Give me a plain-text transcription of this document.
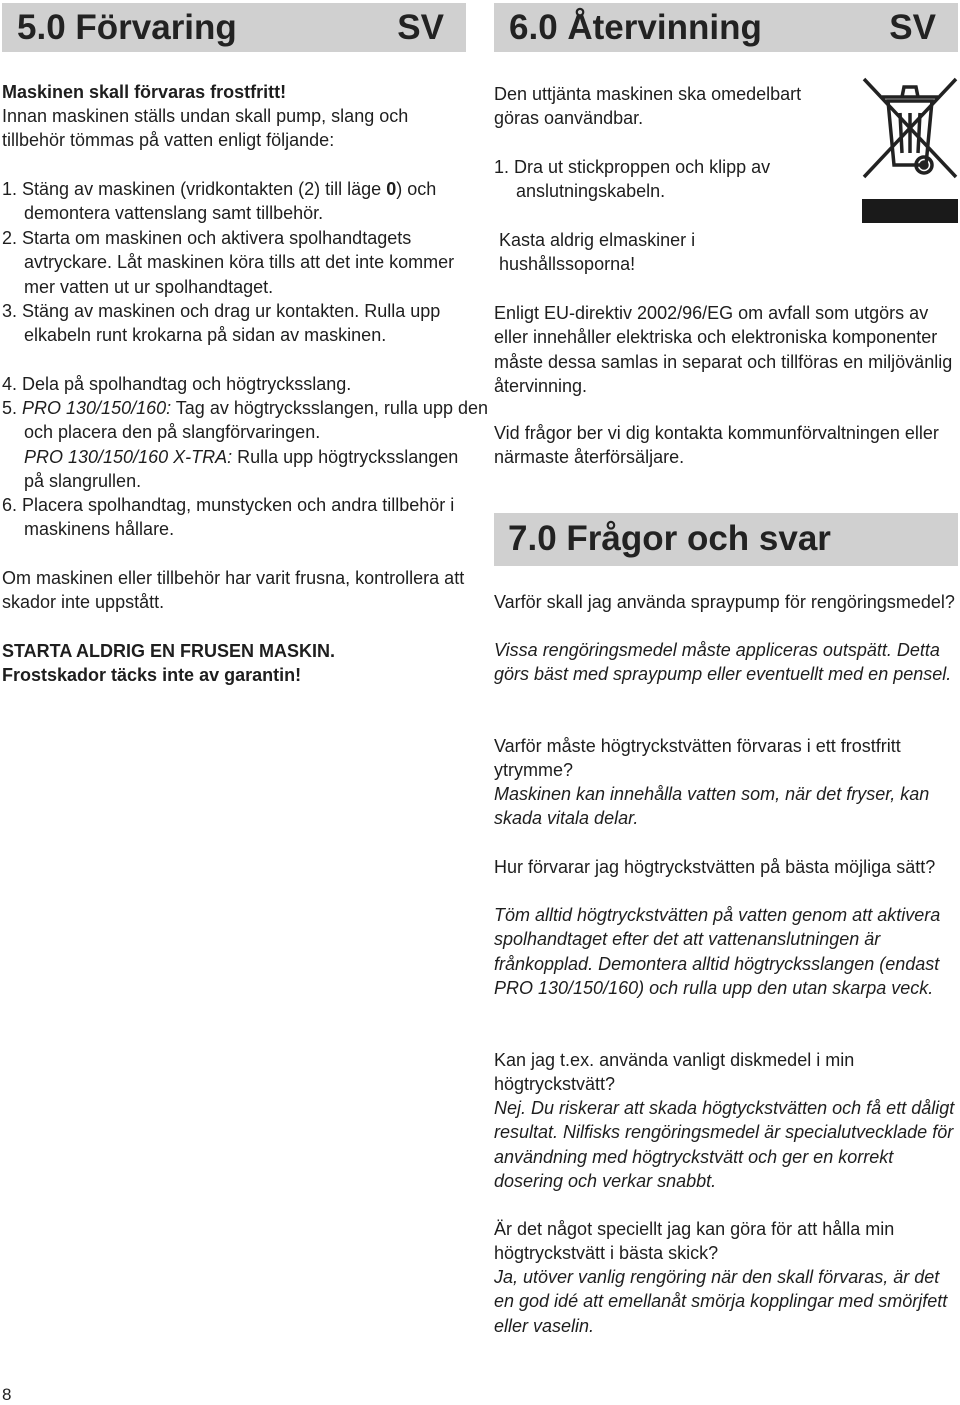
5.0 Förvaring	SV

Maskinen skall förvaras frostfritt!

Innan maskinen ställs undan skall pump, slang och tillbehör tömmas på vatten enligt följande:

1. Stäng av maskinen (vridkontakten (2) till läge 0) och demontera vattenslang samt tillbehör.

2. Starta om maskinen och aktivera spolhandtagets avtryckare. Låt maskinen köra tills att det inte kommer mer vatten ut ur spolhandtaget.

3. Stäng av maskinen och drag ur kontakten. Rulla upp elkabeln runt krokarna på sidan av maskinen.

4. Dela på spolhandtag och högtrycksslang.

5. PRO 130/150/160: Tag av högtrycksslangen, rulla upp den och placera den på slangförvaringen.

PRO 130/150/160 X-TRA: Rulla upp högtrycksslangen på slangrullen.

6. Placera spolhandtag, munstycken och andra tillbehör i maskinens hållare.

Om maskinen eller tillbehör har varit frusna, kontrollera att skador inte uppstått.

STARTA ALDRIG EN FRUSEN MASKIN.

Frostskador täcks inte av garantin!

6.0 Återvinning	SV

Den uttjänta maskinen ska omedelbart göras oanvändbar.

1. Dra ut stickproppen och klipp av anslutningskabeln.

Kasta aldrig elmaskiner i hushållssoporna!

Enligt EU-direktiv 2002/96/EG om avfall som utgörs av eller innehåller elektriska och elektroniska komponenter måste dessa samlas in separat och tillföras en miljövänlig återvinning.

Vid frågor ber vi dig kontakta kommunförvaltningen eller närmaste återförsäljare.

7.0 Frågor och svar

Varför skall jag använda spraypump för rengöringsmedel?

Vissa rengöringsmedel måste appliceras outspätt. Detta görs bäst med spraypump eller eventuellt med en pensel.

Varför måste högtryckstvätten förvaras i ett frostfritt ytrymme?

Maskinen kan innehålla vatten som, när det fryser, kan skada vitala delar.

Hur förvarar jag högtryckstvätten på bästa möjliga sätt?

Töm alltid högtryckstvätten på vatten genom att aktivera spolhandtaget efter det att vattenanslutningen är frånkopplad. Demontera alltid högtrycksslangen (endast PRO 130/150/160) och rulla upp den utan skarpa veck.

Kan jag t.ex. använda vanligt diskmedel i min högtryckstvätt?

Nej. Du riskerar att skada högtyckstvätten och få ett dåligt resultat. Nilfisks rengöringsmedel är specialutvecklade för användning med högtryckstvätt och ger en korrekt dosering och verkar snabbt.

Är det något speciellt jag kan göra för att hålla min högtryckstvätt i bästa skick?

Ja, utöver vanlig rengöring när den skall förvaras, är det en god idé att emellanåt smörja kopplingar med smörjfett eller vaselin.

8
